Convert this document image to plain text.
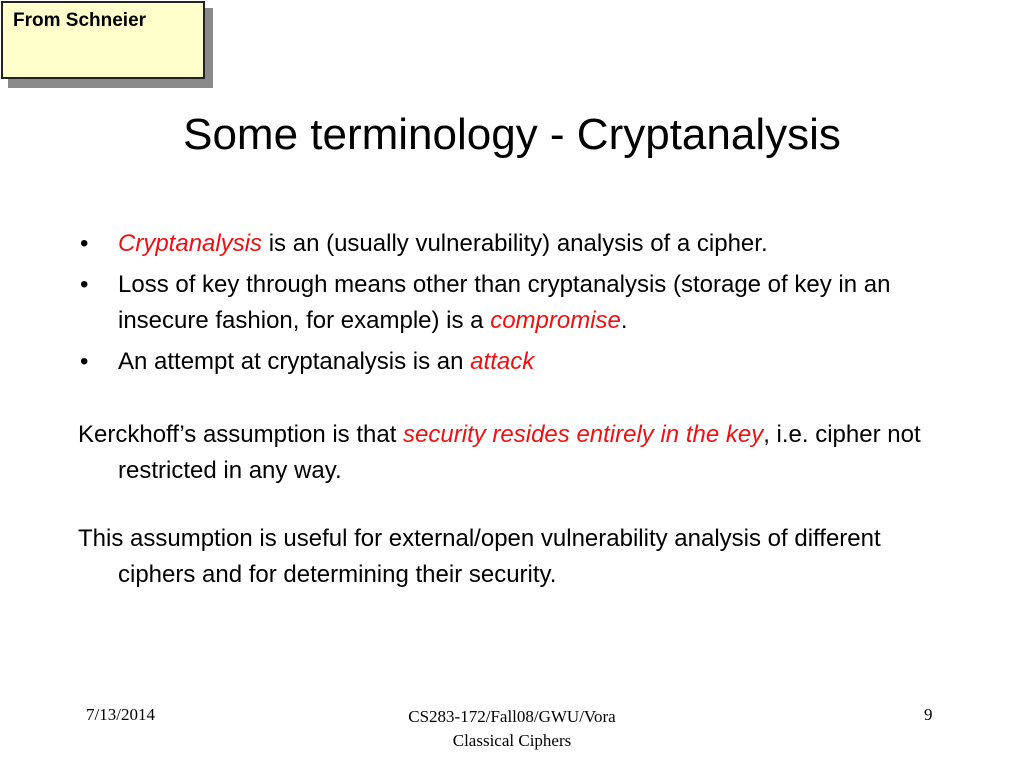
From Schneier
Some terminology - Cryptanalysis
• Cryptanalysis is an (usually vulnerability) analysis of a cipher.
• Loss of key through means other than cryptanalysis (storage of key in an insecure fashion, for example) is a compromise.
• An attempt at cryptanalysis is an attack
Kerckhoff’s assumption is that security resides entirely in the key, i.e. cipher not restricted in any way.
This assumption is useful for external/open vulnerability analysis of different ciphers and for determining their security.
7/13/2014	CS283-172/Fall08/GWU/Vora
Classical Ciphers
9
